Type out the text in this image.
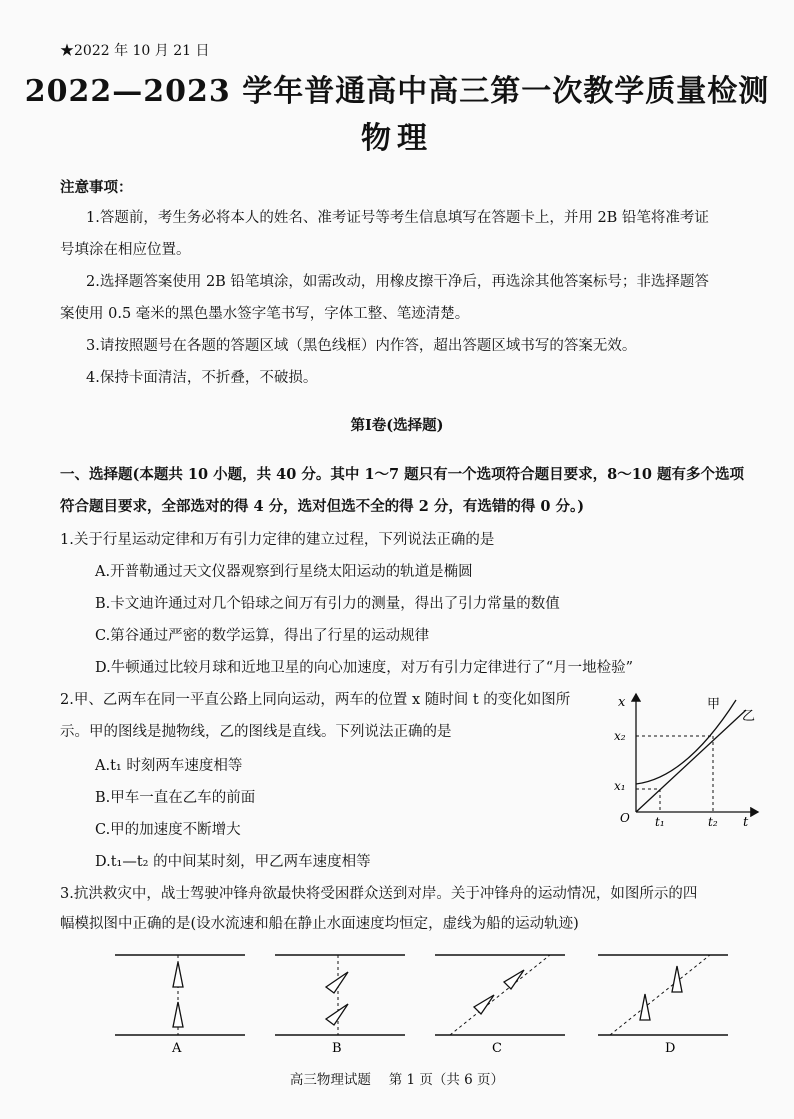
★2022 年 10 月 21 日
2022—2023 学年普通高中高三第一次教学质量检测
物理
注意事项：
1.答题前，考生务必将本人的姓名、准考证号等考生信息填写在答题卡上，并用 2B 铅笔将准考证
号填涂在相应位置。
2.选择题答案使用 2B 铅笔填涂，如需改动，用橡皮擦干净后，再选涂其他答案标号；非选择题答
案使用 0.5 毫米的黑色墨水签字笔书写，字体工整、笔迹清楚。
3.请按照题号在各题的答题区域（黑色线框）内作答，超出答题区域书写的答案无效。
4.保持卡面清洁，不折叠，不破损。
第Ⅰ卷(选择题)
一、选择题(本题共 10 小题，共 40 分。其中 1～7 题只有一个选项符合题目要求，8～10 题有多个选项
符合题目要求，全部选对的得 4 分，选对但选不全的得 2 分，有选错的得 0 分。)
1.关于行星运动定律和万有引力定律的建立过程，下列说法正确的是
A.开普勒通过天文仪器观察到行星绕太阳运动的轨道是椭圆
B.卡文迪许通过对几个铅球之间万有引力的测量，得出了引力常量的数值
C.第谷通过严密的数学运算，得出了行星的运动规律
D.牛顿通过比较月球和近地卫星的向心加速度，对万有引力定律进行了“月一地检验”
2.甲、乙两车在同一平直公路上同向运动，两车的位置 x 随时间 t 的变化如图所
示。甲的图线是抛物线，乙的图线是直线。下列说法正确的是
A.t₁ 时刻两车速度相等
B.甲车一直在乙车的前面
C.甲的加速度不断增大
D.t₁—t₂ 的中间某时刻，甲乙两车速度相等
x
t
O
x₂
x₁
t₁	t₂
甲
乙
3.抗洪救灾中，战士驾驶冲锋舟欲最快将受困群众送到对岸。关于冲锋舟的运动情况，如图所示的四
幅模拟图中正确的是(设水流速和船在静止水面速度均恒定，虚线为船的运动轨迹)
A	B	C	D
高三物理试题　 第 1 页（共 6 页）
